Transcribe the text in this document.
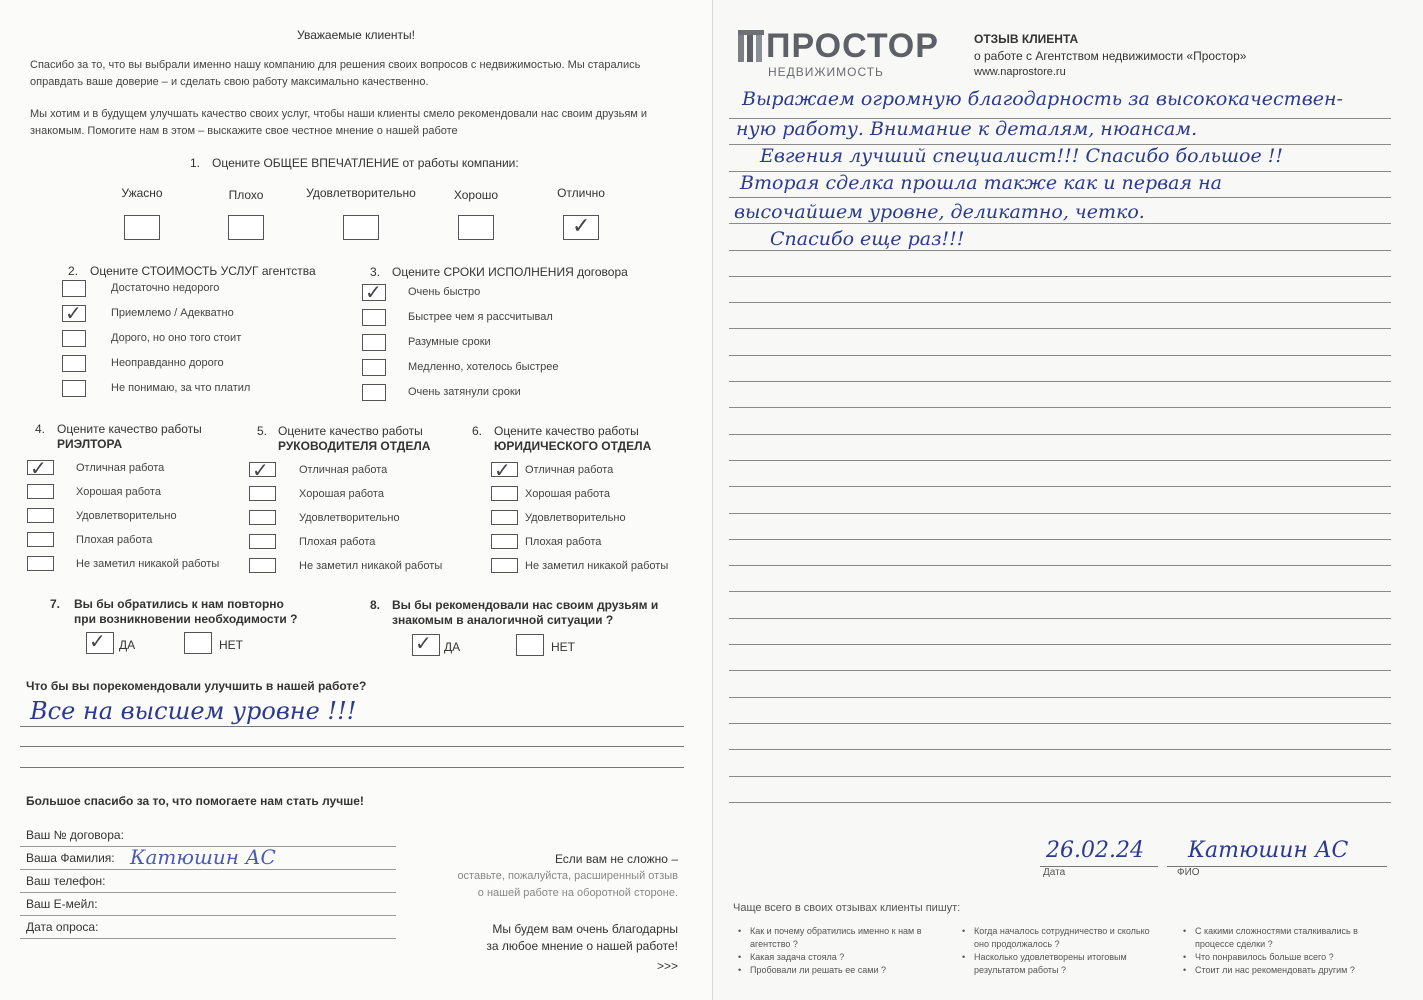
Уважаемые клиенты!
Спасибо за то, что вы выбрали именно нашу компанию для решения своих вопросов с недвижимостью. Мы старались оправдать ваше доверие – и сделать свою работу максимально качественно.
Мы хотим и в будущем улучшать качество своих услуг, чтобы наши клиенты смело рекомендовали нас своим друзьям и знакомым. Помогите нам в этом – выскажите свое честное мнение о нашей работе
1. Оцените ОБЩЕЕ ВПЕЧАТЛЕНИЕ от работы компании:
Ужасно	Плохо	Удовлетворительно	Хорошо	Отлично
✓
2. Оцените СТОИМОСТЬ УСЛУГ агентства
Достаточно недорого
Приемлемо / Адекватно
✓
Дорого, но оно того стоит
Неоправданно дорого
Не понимаю, за что платил
3. Оцените СРОКИ ИСПОЛНЕНИЯ договора
Очень быстро
✓
Быстрее чем я рассчитывал
Разумные сроки
Медленно, хотелось быстрее
Очень затянули сроки
4. Оцените качество работы
РИЭЛТОРА
Отличная работа
✓
Хорошая работа
Удовлетворительно
Плохая работа
Не заметил никакой работы
5. Оцените качество работы
РУКОВОДИТЕЛЯ ОТДЕЛА
Отличная работа
✓
Хорошая работа
Удовлетворительно
Плохая работа
Не заметил никакой работы
6. Оцените качество работы
ЮРИДИЧЕСКОГО ОТДЕЛА
Отличная работа
✓
Хорошая работа
Удовлетворительно
Плохая работа
Не заметил никакой работы
7. Вы бы обратились к нам повторно
при возникновении необходимости ?
✓ ДА	НЕТ
8. Вы бы рекомендовали нас своим друзьям и
знакомым в аналогичной ситуации ?
✓ ДА	НЕТ
Что бы вы порекомендовали улучшить в нашей работе?
Все на высшем уровне !!!
Большое спасибо за то, что помогаете нам стать лучше!
Ваш № договора:
Ваша Фамилия: Катюшин АС
Ваш телефон:
Ваш Е-мейл:
Дата опроса:
Если вам не сложно –
оставьте, пожалуйста, расширенный отзыв
о нашей работе на оборотной стороне.
Мы будем вам очень благодарны
за любое мнение о нашей работе!
>>>
ПРОСТОР
НЕДВИЖИМОСТЬ
ОТЗЫВ КЛИЕНТА
о работе с Агентством недвижимости «Простор»
www.naprostore.ru
Выражаем огромную благодарность за высококачествен-
ную работу. Внимание к деталям, нюансам.
Евгения лучший специалист!!! Спасибо большое !!
Вторая сделка прошла также как и первая на
высочайшем уровне, деликатно, четко.
Спасибо еще раз!!!
26.02.24 Катюшин АС
Дата	ФИО
Чаще всего в своих отзывах клиенты пишут:
• Как и почему обратились именно к нам в агентство ?
• Какая задача стояла ?
• Пробовали ли решать ее сами ?
• Когда началось сотрудничество и сколько оно продолжалось ?
• Насколько удовлетворены итоговым результатом работы ?
• С какими сложностями сталкивались в процессе сделки ?
• Что понравилось больше всего ?
• Стоит ли нас рекомендовать другим ?
